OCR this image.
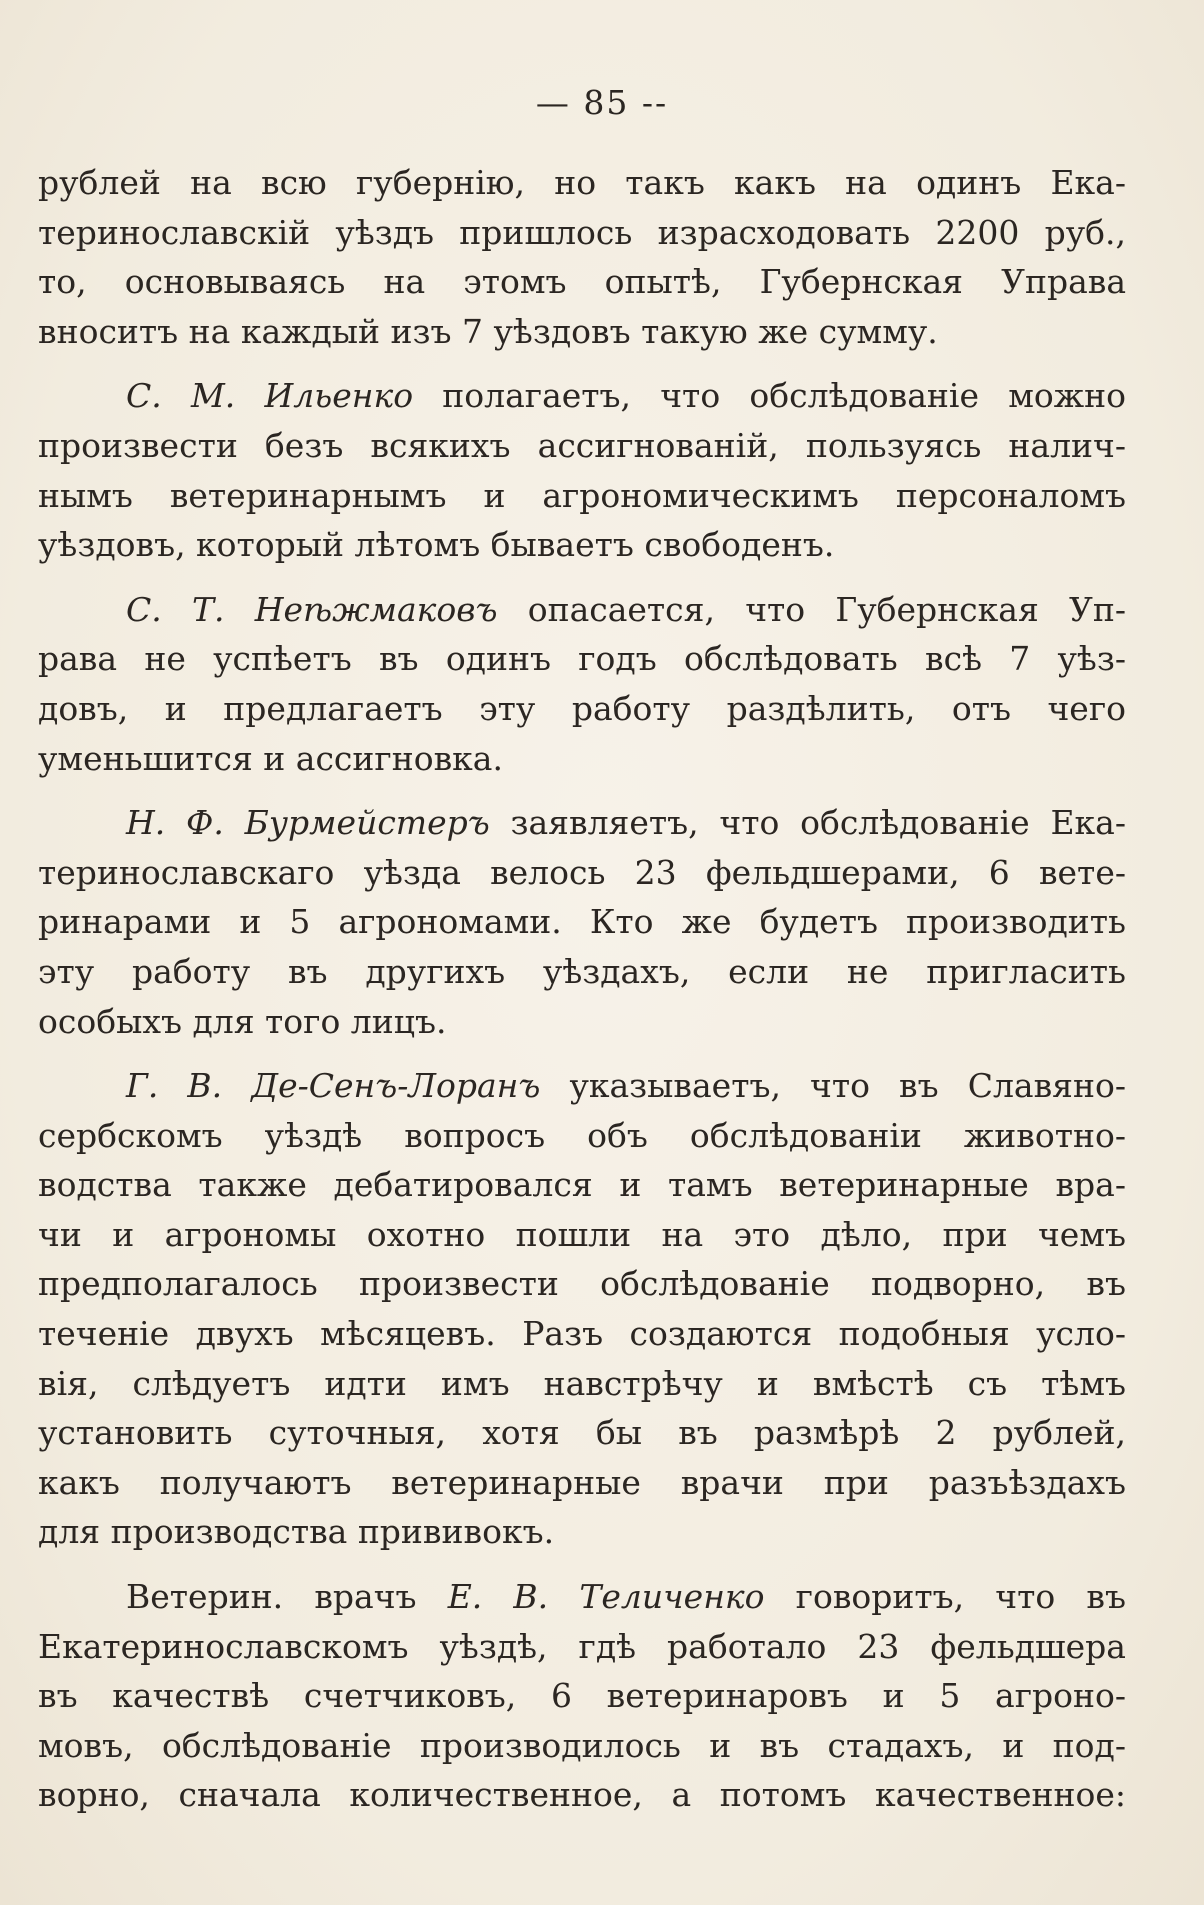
— 85 --
рублей на всю губернію, но такъ какъ на одинъ Ека-
теринославскій уѣздъ пришлось израсходовать 2200 руб.,
то, основываясь на этомъ опытѣ, Губернская Управа
вноситъ на каждый изъ 7 уѣздовъ такую же сумму.
С. М. Ильенко полагаетъ, что обслѣдованіе можно
произвести безъ всякихъ ассигнованій, пользуясь налич-
нымъ ветеринарнымъ и агрономическимъ персоналомъ
уѣздовъ, который лѣтомъ бываетъ свободенъ.
С. Т. Неѣжмаковъ опасается, что Губернская Уп-
рава не успѣетъ въ одинъ годъ обслѣдовать всѣ 7 уѣз-
довъ, и предлагаетъ эту работу раздѣлить, отъ чего
уменьшится и ассигновка.
Н. Ф. Бурмейстеръ заявляетъ, что обслѣдованіе Ека-
теринославскаго уѣзда велось 23 фельдшерами, 6 вете-
ринарами и 5 агрономами. Кто же будетъ производить
эту работу въ другихъ уѣздахъ, если не пригласить
особыхъ для того лицъ.
Г. В. Де-Сенъ-Лоранъ указываетъ, что въ Славяно-
сербскомъ уѣздѣ вопросъ объ обслѣдованіи животно-
водства также дебатировался и тамъ ветеринарные вра-
чи и агрономы охотно пошли на это дѣло, при чемъ
предполагалось произвести обслѣдованіе подворно, въ
теченіе двухъ мѣсяцевъ. Разъ создаются подобныя усло-
вія, слѣдуетъ идти имъ навстрѣчу и вмѣстѣ съ тѣмъ
установить суточныя, хотя бы въ размѣрѣ 2 рублей,
какъ получаютъ ветеринарные врачи при разъѣздахъ
для производства прививокъ.
Ветерин. врачъ Е. В. Теличенко говоритъ, что въ
Екатеринославскомъ уѣздѣ, гдѣ работало 23 фельдшера
въ качествѣ счетчиковъ, 6 ветеринаровъ и 5 агроно-
мовъ, обслѣдованіе производилось и въ стадахъ, и под-
ворно, сначала количественное, а потомъ качественное:
